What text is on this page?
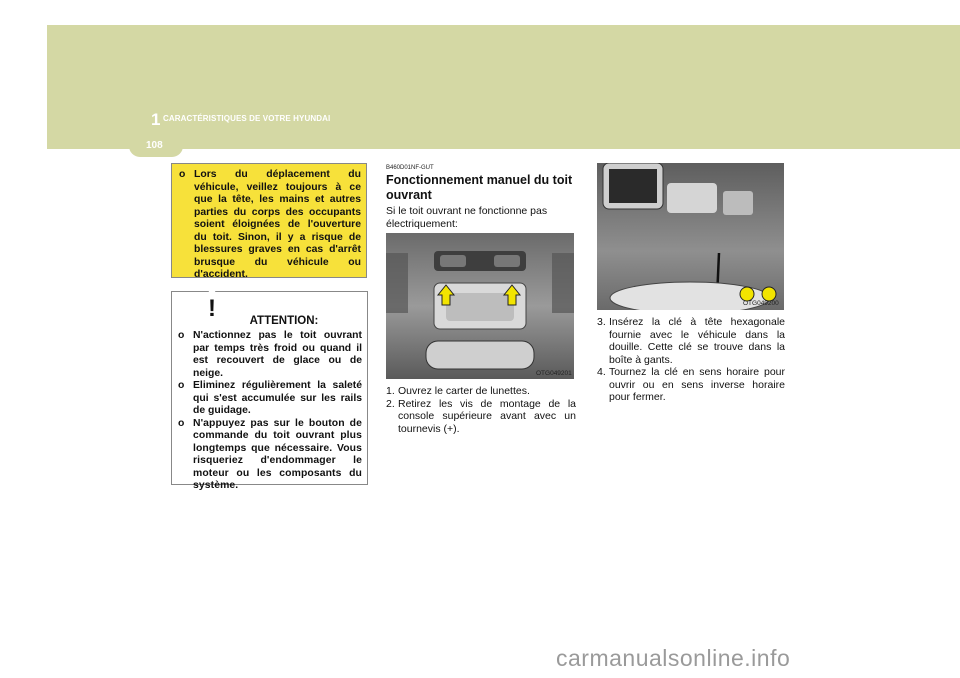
1 CARACTÉRISTIQUES DE VOTRE HYUNDAI
108
o Lors du déplacement du véhicule, veillez toujours à ce que la tête, les mains et autres parties du corps des occupants soient éloignées de l'ouverture du toit. Sinon, il y a risque de blessures graves en cas d'arrêt brusque du véhicule ou d'accident.
!	ATTENTION:
o N'actionnez pas le toit ouvrant par temps très froid ou quand il est recouvert de glace ou de neige.
o Eliminez régulièrement la saleté qui s'est accumulée sur les rails de guidage.
o N'appuyez pas sur le bouton de commande du toit ouvrant plus longtemps que nécessaire. Vous risqueriez d'endommager le moteur ou les composants du système.
B460D01NF-GUT
Fonctionnement manuel du toit ouvrant
Si le toit ouvrant ne fonctionne pas électriquement:
OTG049201
1. Ouvrez le carter de lunettes.
2. Retirez les vis de montage de la console supérieure avant avec un tournevis (+).
OTG049200
3. Insérez la clé à tête hexagonale fournie avec le véhicule dans la douille. Cette clé se trouve dans la boîte à gants.
4. Tournez la clé en sens horaire pour ouvrir ou en sens inverse horaire pour fermer.
carmanualsonline.info
